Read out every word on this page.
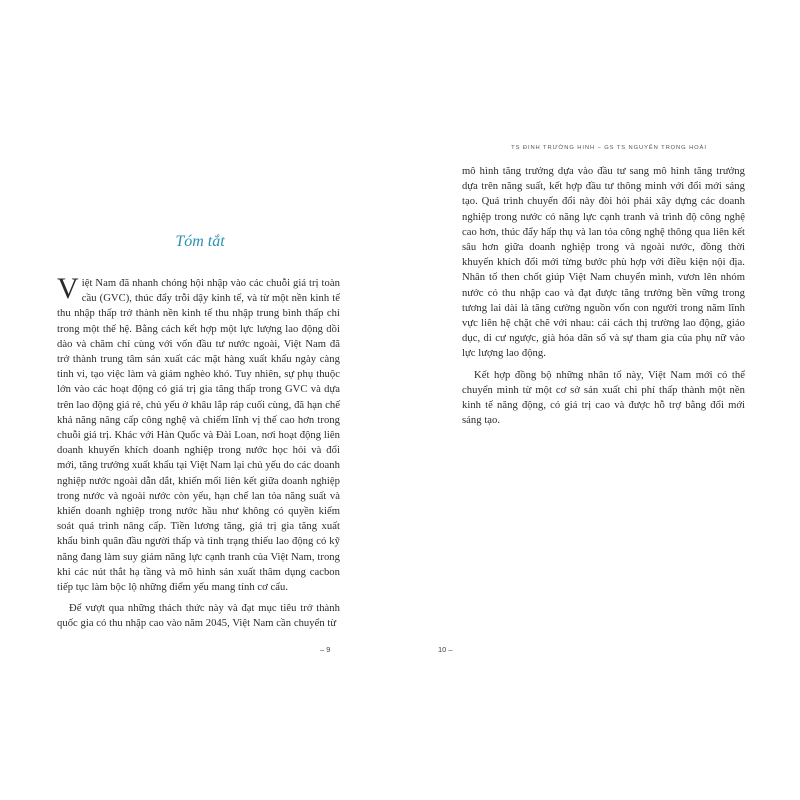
Tóm tắt

Việt Nam đã nhanh chóng hội nhập vào các chuỗi giá trị toàn cầu (GVC), thúc đẩy trỗi dậy kinh tế, và từ một nền kinh tế thu nhập thấp trở thành nền kinh tế thu nhập trung bình thấp chỉ trong một thế hệ. Bằng cách kết hợp một lực lượng lao động dồi dào và chăm chỉ cùng với vốn đầu tư nước ngoài, Việt Nam đã trở thành trung tâm sản xuất các mặt hàng xuất khẩu ngày càng tinh vi, tạo việc làm và giảm nghèo khó. Tuy nhiên, sự phụ thuộc lớn vào các hoạt động có giá trị gia tăng thấp trong GVC và dựa trên lao động giá rẻ, chủ yếu ở khâu lắp ráp cuối cùng, đã hạn chế khả năng nâng cấp công nghệ và chiếm lĩnh vị thế cao hơn trong chuỗi giá trị. Khác với Hàn Quốc và Đài Loan, nơi hoạt động liên doanh khuyến khích doanh nghiệp trong nước học hỏi và đổi mới, tăng trưởng xuất khẩu tại Việt Nam lại chủ yếu do các doanh nghiệp nước ngoài dẫn dắt, khiến mối liên kết giữa doanh nghiệp trong nước và ngoài nước còn yếu, hạn chế lan tỏa năng suất và khiến doanh nghiệp trong nước hầu như không có quyền kiểm soát quá trình nâng cấp. Tiền lương tăng, giá trị gia tăng xuất khẩu bình quân đầu người thấp và tình trạng thiếu lao động có kỹ năng đang làm suy giảm năng lực cạnh tranh của Việt Nam, trong khi các nút thắt hạ tầng và mô hình sản xuất thâm dụng cacbon tiếp tục làm bộc lộ những điểm yếu mang tính cơ cấu.

Để vượt qua những thách thức này và đạt mục tiêu trở thành quốc gia có thu nhập cao vào năm 2045, Việt Nam cần chuyển từ

– 9
TS ĐINH TRƯỜNG HINH – GS TS NGUYỄN TRỌNG HOÀI

mô hình tăng trưởng dựa vào đầu tư sang mô hình tăng trưởng dựa trên năng suất, kết hợp đầu tư thông minh với đổi mới sáng tạo. Quá trình chuyển đổi này đòi hỏi phải xây dựng các doanh nghiệp trong nước có năng lực cạnh tranh và trình độ công nghệ cao hơn, thúc đẩy hấp thụ và lan tỏa công nghệ thông qua liên kết sâu hơn giữa doanh nghiệp trong và ngoài nước, đồng thời khuyến khích đổi mới từng bước phù hợp với điều kiện nội địa. Nhân tố then chốt giúp Việt Nam chuyển mình, vươn lên nhóm nước có thu nhập cao và đạt được tăng trưởng bền vững trong tương lai dài là tăng cường nguồn vốn con người trong năm lĩnh vực liên hệ chặt chẽ với nhau: cải cách thị trường lao động, giáo dục, di cư ngược, già hóa dân số và sự tham gia của phụ nữ vào lực lượng lao động.

Kết hợp đồng bộ những nhân tố này, Việt Nam mới có thể chuyển mình từ một cơ sở sản xuất chi phí thấp thành một nền kinh tế năng động, có giá trị cao và được hỗ trợ bằng đổi mới sáng tạo.

10 –
